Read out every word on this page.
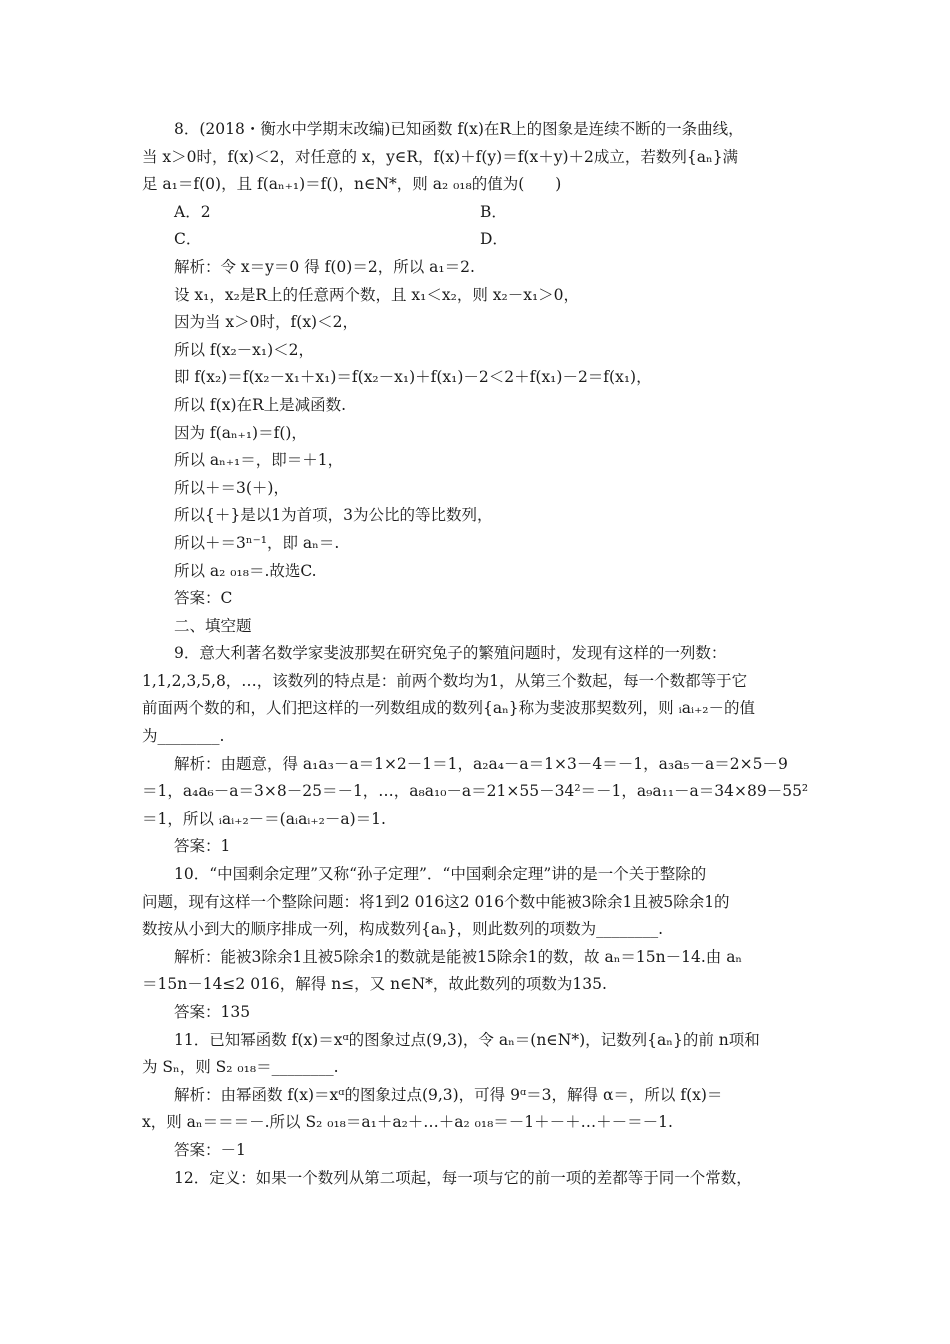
8．(2018・衡水中学期末改编)已知函数 f(x)在R上的图象是连续不断的一条曲线，
当 x＞0时，f(x)＜2，对任意的 x，y∈R，f(x)＋f(y)＝f(x＋y)＋2成立，若数列{aₙ}满
足 a₁＝f(0)，且 f(aₙ₊₁)＝f()，n∈N*，则 a₂ ₀₁₈的值为(　　)
A．2	B．
C．	D．
解析：令 x＝y＝0 得 f(0)＝2，所以 a₁＝2.
设 x₁，x₂是R上的任意两个数，且 x₁＜x₂，则 x₂－x₁＞0，
因为当 x＞0时，f(x)＜2，
所以 f(x₂－x₁)＜2，
即 f(x₂)＝f(x₂－x₁＋x₁)＝f(x₂－x₁)＋f(x₁)－2＜2＋f(x₁)－2＝f(x₁)，
所以 f(x)在R上是减函数.
因为 f(aₙ₊₁)＝f()，
所以 aₙ₊₁＝，即＝＋1，
所以＋＝3(＋)，
所以{＋}是以1为首项，3为公比的等比数列，
所以＋＝3ⁿ⁻¹，即 aₙ＝.
所以 a₂ ₀₁₈＝.故选C.
答案：C
二、填空题
9．意大利著名数学家斐波那契在研究兔子的繁殖问题时，发现有这样的一列数：
1,1,2,3,5,8，…，该数列的特点是：前两个数均为1，从第三个数起，每一个数都等于它
前面两个数的和，人们把这样的一列数组成的数列{aₙ}称为斐波那契数列，则 ᵢaᵢ₊₂－的值
为________.
解析：由题意，得 a₁a₃－a＝1×2－1＝1，a₂a₄－a＝1×3－4＝－1，a₃a₅－a＝2×5－9
＝1，a₄a₆－a＝3×8－25＝－1，…，a₈a₁₀－a＝21×55－34²＝－1，a₉a₁₁－a＝34×89－55²
＝1，所以 ᵢaᵢ₊₂－＝(aᵢaᵢ₊₂－a)＝1.
答案：1
10．“中国剩余定理”又称“孙子定理”．“中国剩余定理”讲的是一个关于整除的
问题，现有这样一个整除问题：将1到2 016这2 016个数中能被3除余1且被5除余1的
数按从小到大的顺序排成一列，构成数列{aₙ}，则此数列的项数为________.
解析：能被3除余1且被5除余1的数就是能被15除余1的数，故 aₙ＝15n－14.由 aₙ
＝15n－14≤2 016，解得 n≤，又 n∈N*，故此数列的项数为135.
答案：135
11．已知幂函数 f(x)＝xᵅ的图象过点(9,3)，令 aₙ＝(n∈N*)，记数列{aₙ}的前 n项和
为 Sₙ，则 S₂ ₀₁₈＝________.
解析：由幂函数 f(x)＝xᵅ的图象过点(9,3)，可得 9ᵅ＝3，解得 α＝，所以 f(x)＝
x，则 aₙ＝＝＝－.所以 S₂ ₀₁₈＝a₁＋a₂＋…＋a₂ ₀₁₈＝－1＋－＋…＋－＝－1.
答案：－1
12．定义：如果一个数列从第二项起，每一项与它的前一项的差都等于同一个常数，
